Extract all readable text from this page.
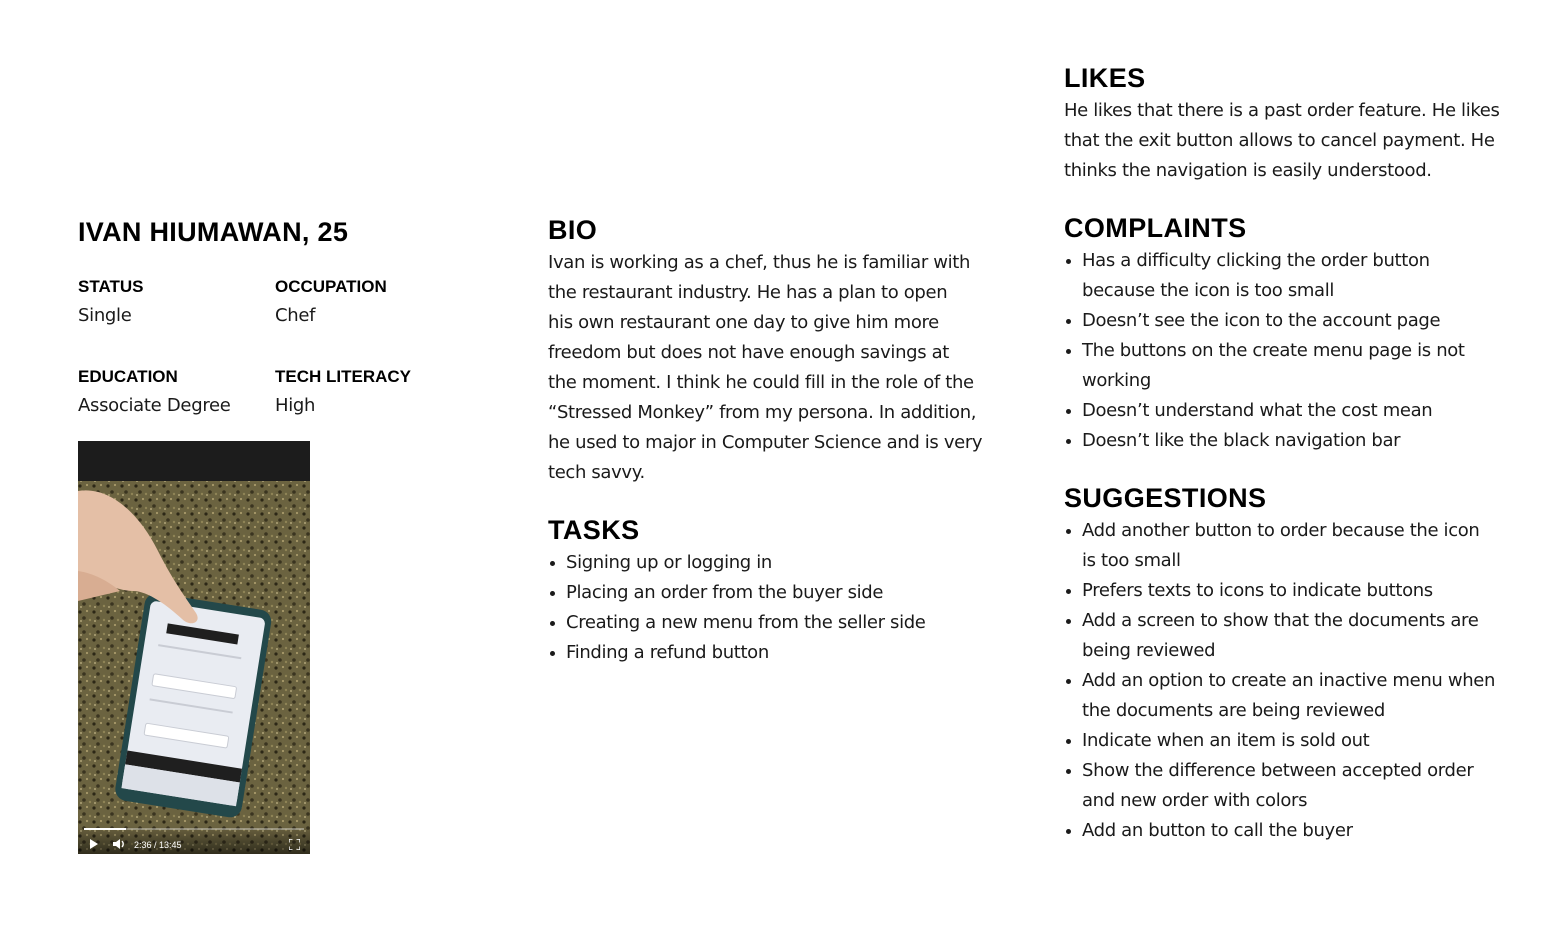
IVAN HIUMAWAN, 25
STATUS
Single
OCCUPATION
Chef
EDUCATION
Associate Degree
TECH LITERACY
High
2:36 / 13:45
BIO
Ivan is working as a chef, thus he is familiar with
the restaurant industry. He has a plan to open
his own restaurant one day to give him more
freedom but does not have enough savings at
the moment. I think he could fill in the role of the
“Stressed Monkey” from my persona. In addition,
he used to major in Computer Science and is very
tech savvy.
TASKS
Signing up or logging in
Placing an order from the buyer side
Creating a new menu from the seller side
Finding a refund button
LIKES
He likes that there is a past order feature. He likes
that the exit button allows to cancel payment. He
thinks the navigation is easily understood.
COMPLAINTS
Has a difficulty clicking the order button
because the icon is too small
Doesn’t see the icon to the account page
The buttons on the create menu page is not
working
Doesn’t understand what the cost mean
Doesn’t like the black navigation bar
SUGGESTIONS
Add another button to order because the icon
is too small
Prefers texts to icons to indicate buttons
Add a screen to show that the documents are
being reviewed
Add an option to create an inactive menu when
the documents are being reviewed
Indicate when an item is sold out
Show the difference between accepted order
and new order with colors
Add an button to call the buyer
